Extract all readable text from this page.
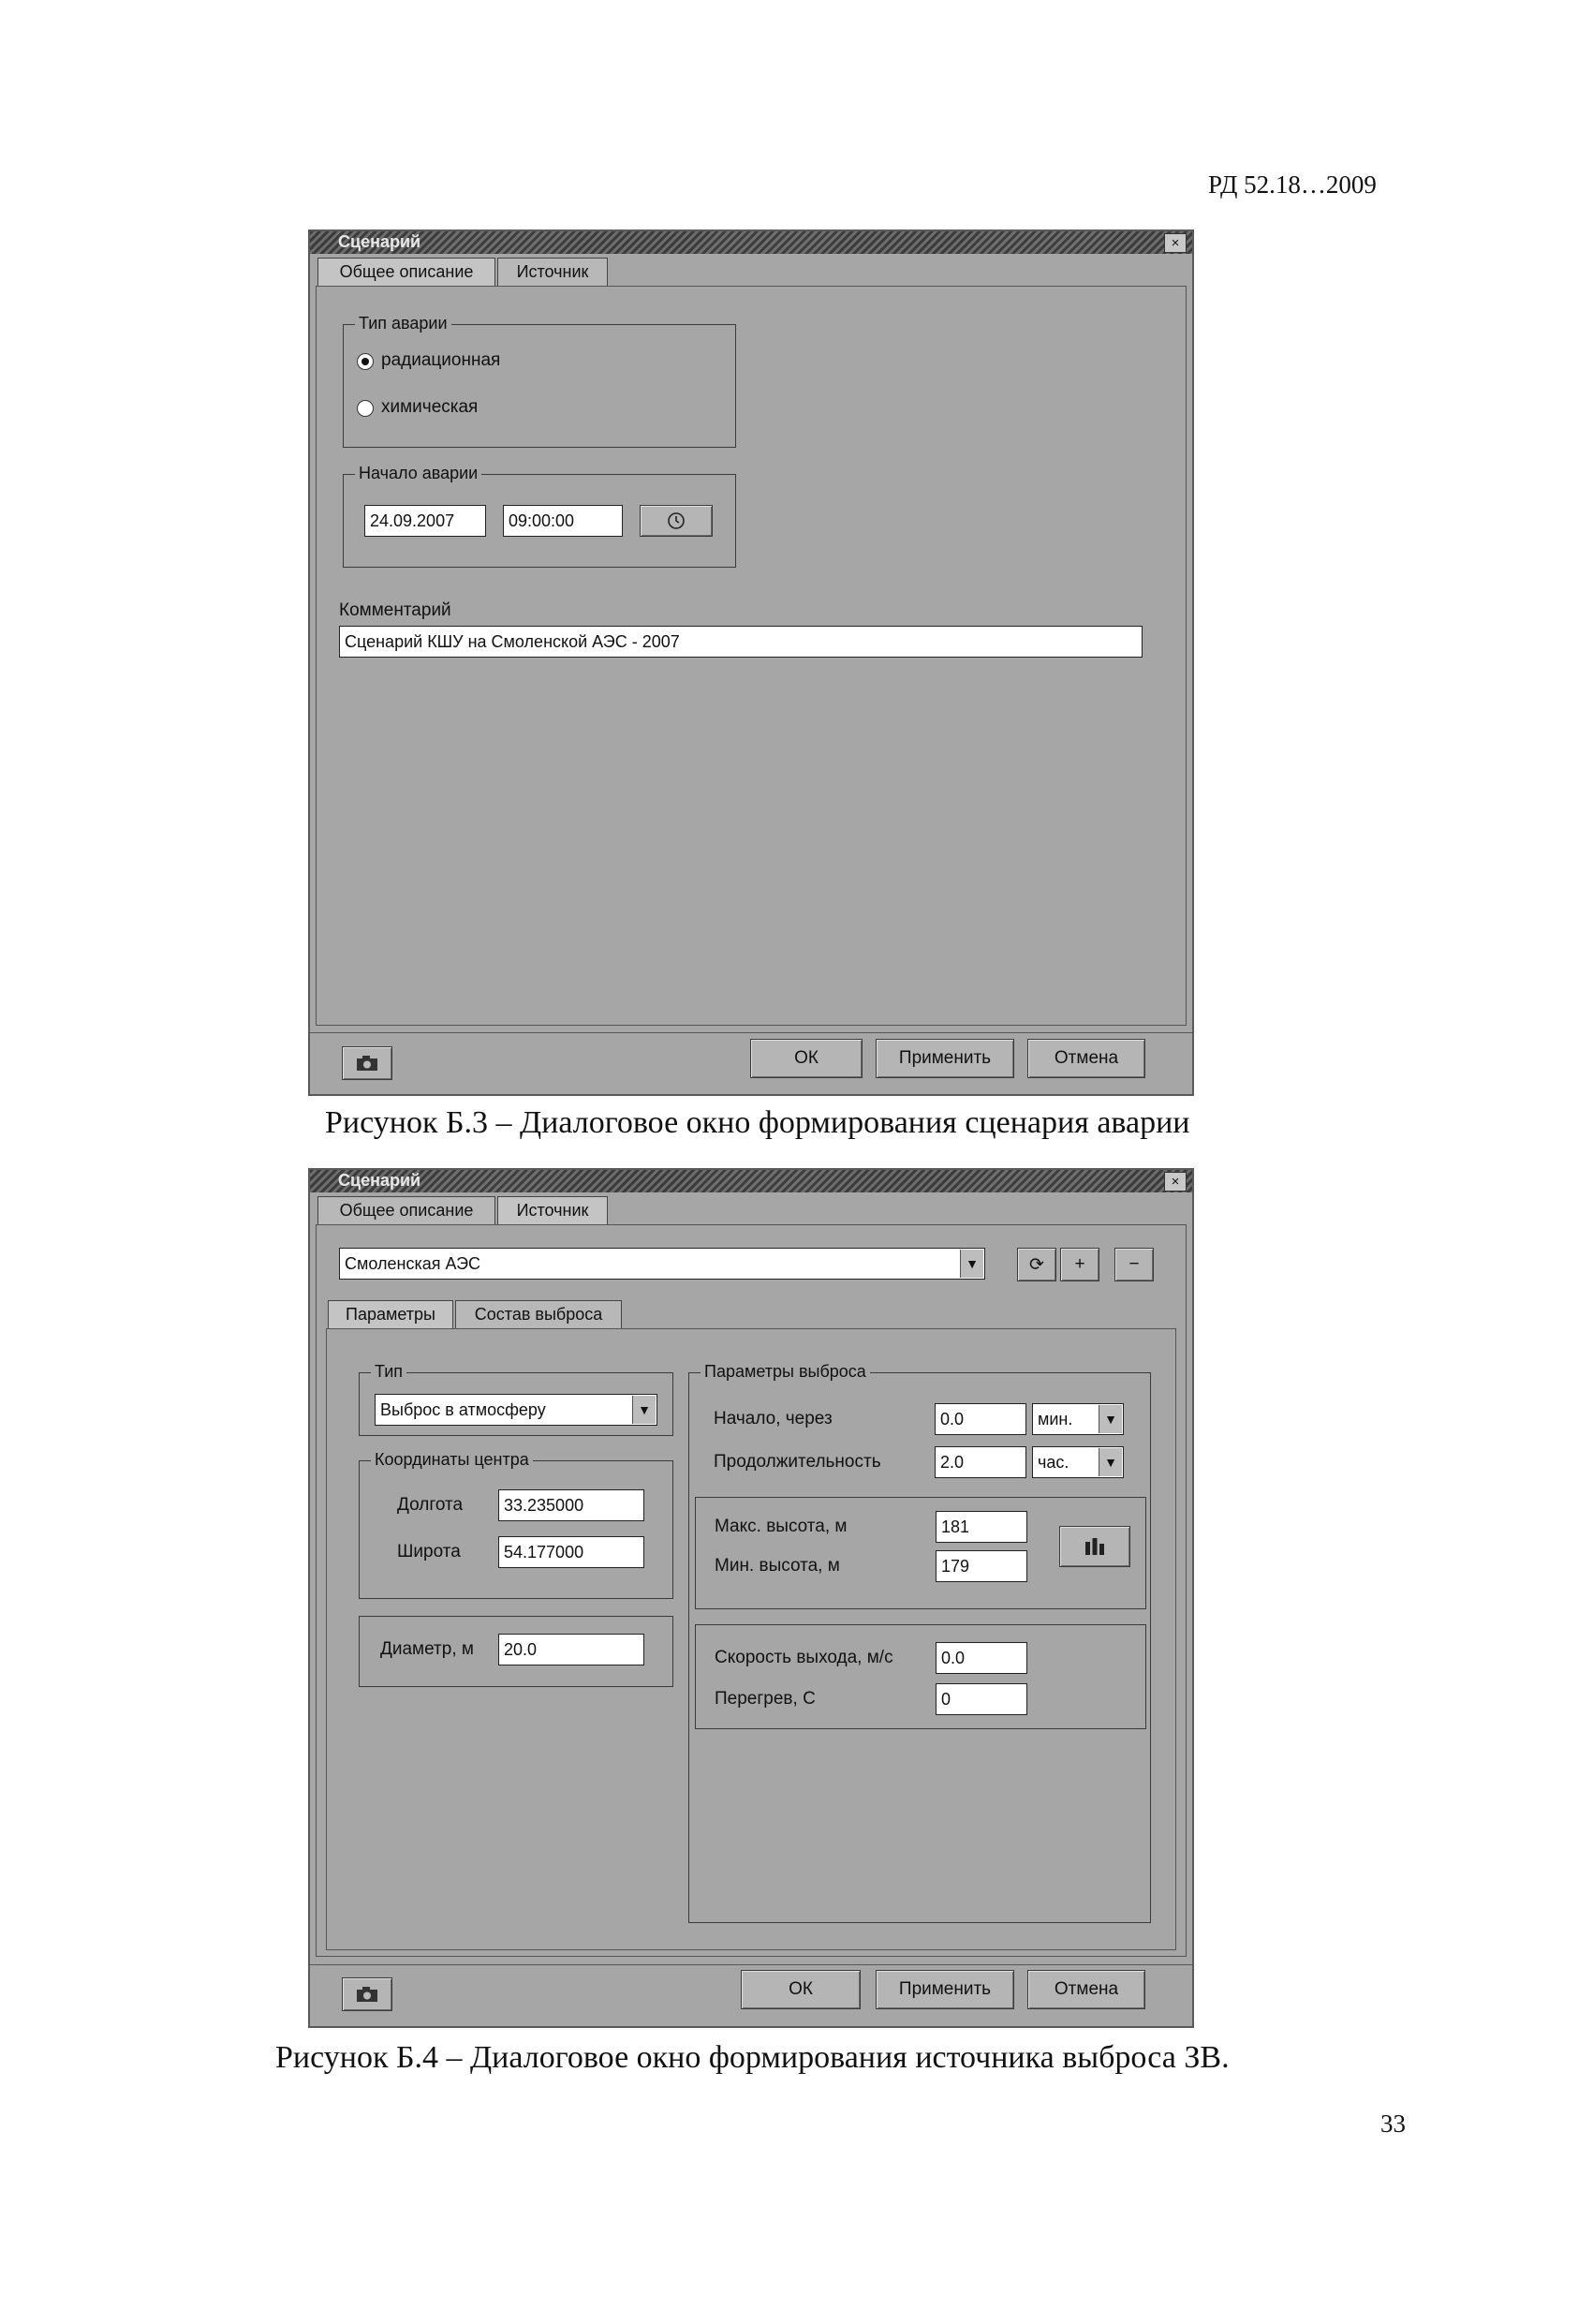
РД 52.18…2009
Сценарий	×
Общее описание	Источник
Тип аварии
радиационная
химическая
Начало аварии
24.09.2007	09:00:00
Комментарий
Сценарий КШУ на Смоленской АЭС - 2007
ОК	Применить	Отмена
Рисунок Б.3 – Диалоговое окно формирования сценария аварии
Сценарий	×
Общее описание	Источник
Смоленская АЭС	▼	⟳ + −
Параметры	Состав выброса
Тип
Выброс в атмосферу	▼
Координаты центра
Долгота	33.235000
Широта	54.177000
Диаметр, м	20.0
Параметры выброса
Начало, через	0.0	мин.	▼
Продолжительность	2.0	час.	▼
Макс. высота, м	181
Мин. высота, м	179
Скорость выхода, м/с	0.0
Перегрев, С	0
ОК	Применить	Отмена
Рисунок Б.4 – Диалоговое окно формирования источника выброса ЗВ.
33
